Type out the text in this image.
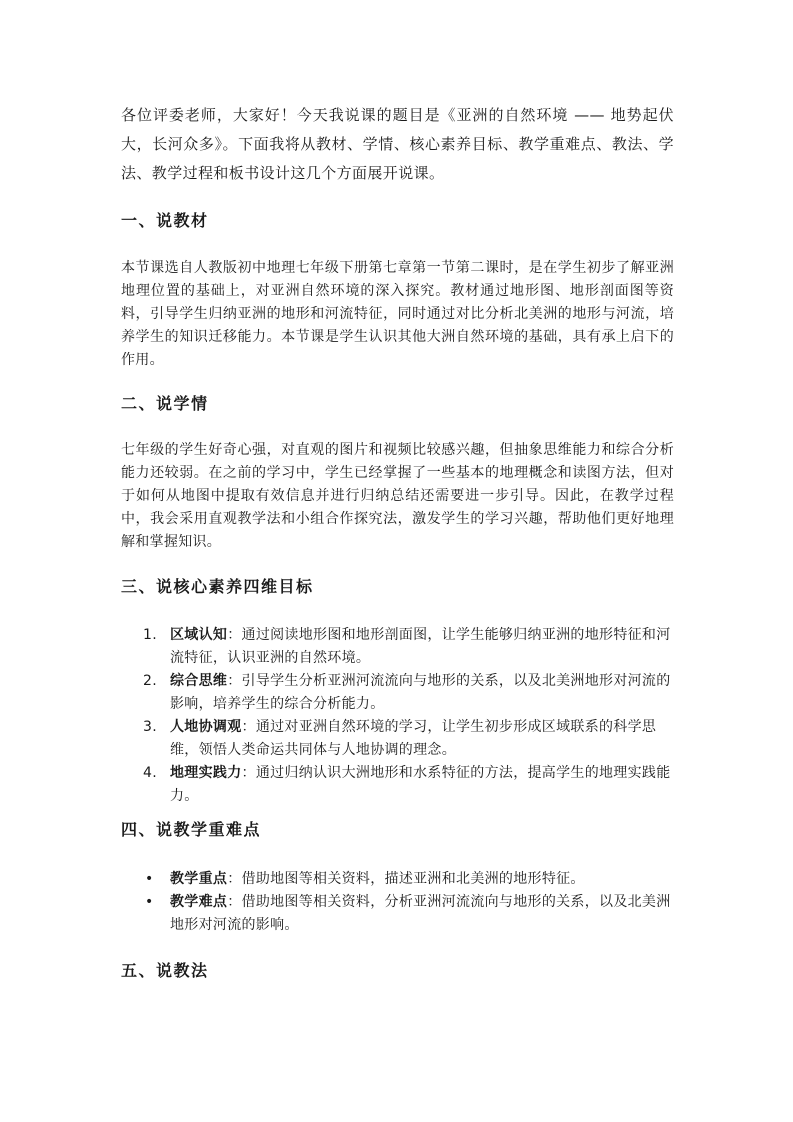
各位评委老师，大家好！今天我说课的题目是《亚洲的自然环境 —— 地势起伏大，长河众多》。下面我将从教材、学情、核心素养目标、教学重难点、教法、学法、教学过程和板书设计这几个方面展开说课。

一、说教材

本节课选自人教版初中地理七年级下册第七章第一节第二课时，是在学生初步了解亚洲地理位置的基础上，对亚洲自然环境的深入探究。教材通过地形图、地形剖面图等资料，引导学生归纳亚洲的地形和河流特征，同时通过对比分析北美洲的地形与河流，培养学生的知识迁移能力。本节课是学生认识其他大洲自然环境的基础，具有承上启下的作用。

二、说学情

七年级的学生好奇心强，对直观的图片和视频比较感兴趣，但抽象思维能力和综合分析能力还较弱。在之前的学习中，学生已经掌握了一些基本的地理概念和读图方法，但对于如何从地图中提取有效信息并进行归纳总结还需要进一步引导。因此，在教学过程中，我会采用直观教学法和小组合作探究法，激发学生的学习兴趣，帮助他们更好地理解和掌握知识。

三、说核心素养四维目标
1. 区域认知：通过阅读地形图和地形剖面图，让学生能够归纳亚洲的地形特征和河流特征，认识亚洲的自然环境。
2. 综合思维：引导学生分析亚洲河流流向与地形的关系，以及北美洲地形对河流的影响，培养学生的综合分析能力。
3. 人地协调观：通过对亚洲自然环境的学习，让学生初步形成区域联系的科学思维，领悟人类命运共同体与人地协调的理念。
4. 地理实践力：通过归纳认识大洲地形和水系特征的方法，提高学生的地理实践能力。
四、说教学重难点
• 教学重点：借助地图等相关资料，描述亚洲和北美洲的地形特征。
• 教学难点：借助地图等相关资料，分析亚洲河流流向与地形的关系，以及北美洲地形对河流的影响。
五、说教法
